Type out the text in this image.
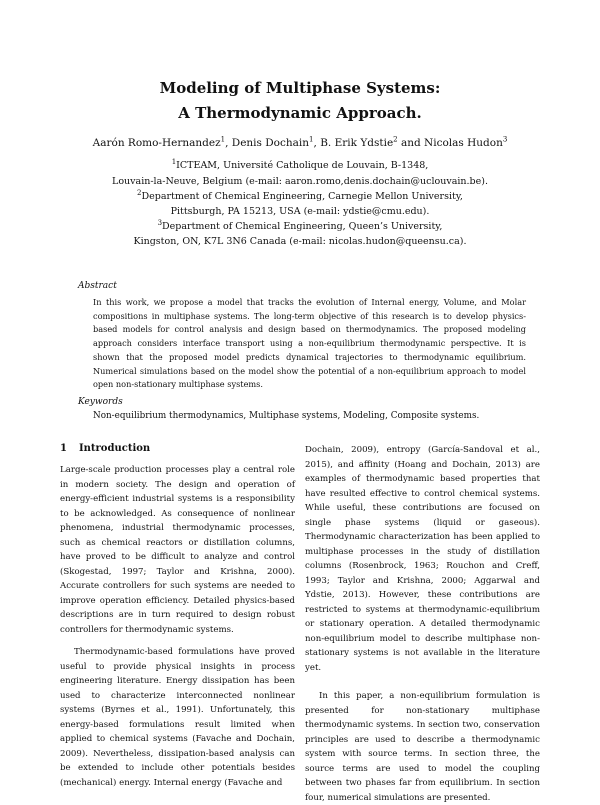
Modeling of Multiphase Systems:
A Thermodynamic Approach.
Aarón Romo-Hernandez$^1$, Denis Dochain$^1$, B. Erik Ydstie$^2$ and Nicolas Hudon$^3$
$^1$ICTEAM, Université Catholique de Louvain, B-1348,
Louvain-la-Neuve, Belgium (e-mail: aaron.romo,denis.dochain@uclouvain.be).
$^2$Department of Chemical Engineering, Carnegie Mellon University,
Pittsburgh, PA 15213, USA (e-mail: ydstie@cmu.edu).
$^3$Department of Chemical Engineering, Queen’s University,
Kingston, ON, K7L 3N6 Canada (e-mail: nicolas.hudon@queensu.ca).
Abstract
In this work, we propose a model that tracks the evolution of Internal energy, Volume, and Molar compositions in multiphase systems. The long-term objective of this research is to develop physics-based models for control analysis and design based on thermodynamics. The proposed modeling approach considers interface transport using a non-equilibrium thermodynamic perspective. It is shown that the proposed model predicts dynamical trajectories to thermodynamic equilibrium. Numerical simulations based on the model show the potential of a non-equilibrium approach to model open non-stationary multiphase systems.
Keywords
Non-equilibrium thermodynamics, Multiphase systems, Modeling, Composite systems.
1 Introduction

Large-scale production processes play a central role in modern society. The design and operation of energy-efficient industrial systems is a responsibility to be acknowledged. As consequence of nonlinear phenomena, industrial thermodynamic processes, such as chemical reactors or distillation columns, have proved to be difficult to analyze and control (Skogestad, 1997; Taylor and Krishna, 2000). Accurate controllers for such systems are needed to improve operation efficiency. Detailed physics-based descriptions are in turn required to design robust controllers for thermodynamic systems.

Thermodynamic-based formulations have proved useful to provide physical insights in process engineering literature. Energy dissipation has been used to characterize interconnected nonlinear systems (Byrnes et al., 1991). Unfortunately, this energy-based formulations result limited when applied to chemical systems (Favache and Dochain, 2009). Nevertheless, dissipation-based analysis can be extended to include other potentials besides (mechanical) energy. Internal energy (Favache and

Dochain, 2009), entropy (García-Sandoval et al., 2015), and affinity (Hoang and Dochain, 2013) are examples of thermodynamic based properties that have resulted effective to control chemical systems. While useful, these contributions are focused on single phase systems (liquid or gaseous). Thermodynamic characterization has been applied to multiphase processes in the study of distillation columns (Rosenbrock, 1963; Rouchon and Creff, 1993; Taylor and Krishna, 2000; Aggarwal and Ydstie, 2013). However, these contributions are restricted to systems at thermodynamic-equilibrium or stationary operation. A detailed thermodynamic non-equilibrium model to describe multiphase non-stationary systems is not available in the literature yet.

In this paper, a non-equilibrium formulation is presented for non-stationary multiphase thermodynamic systems. In section two, conservation principles are used to describe a thermodynamic system with source terms. In section three, the source terms are used to model the coupling between two phases far from equilibrium. In section four, numerical simulations are presented.
